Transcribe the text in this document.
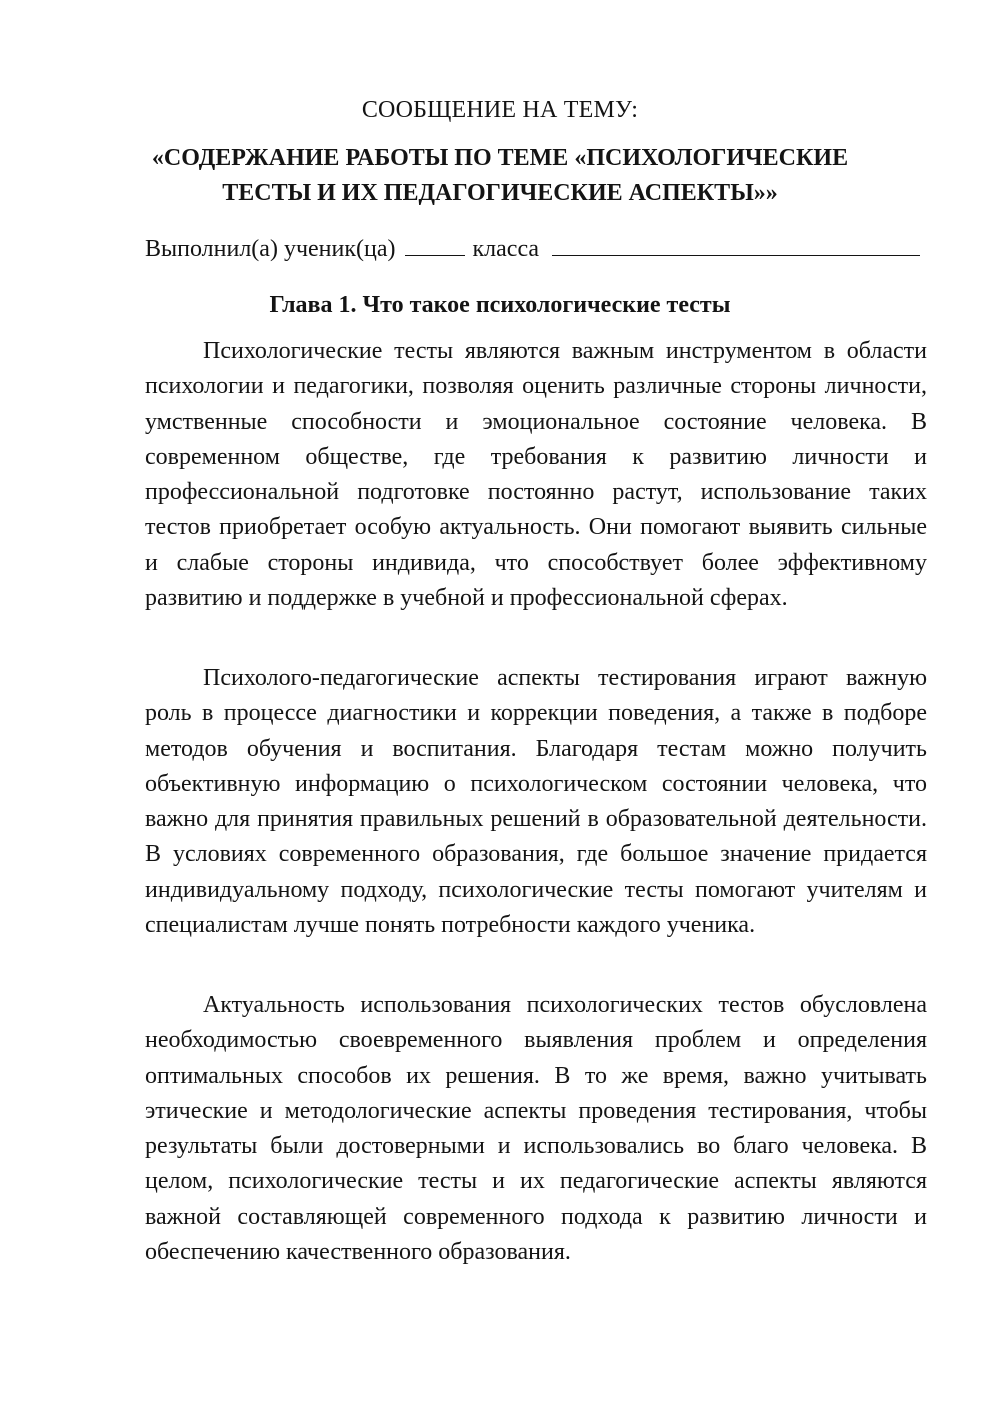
СООБЩЕНИЕ НА ТЕМУ:
«СОДЕРЖАНИЕ РАБОТЫ ПО ТЕМЕ «ПСИХОЛОГИЧЕСКИЕ
ТЕСТЫ И ИХ ПЕДАГОГИЧЕСКИЕ АСПЕКТЫ»»
Выполнил(а) ученик(ца)	класса
Глава 1. Что такое психологические тесты

Психологические тесты являются важным инструментом в области психологии и педагогики, позволяя оценить различные стороны личности, умственные способности и эмоциональное состояние человека. В современном обществе, где требования к развитию личности и профессиональной подготовке постоянно растут, использование таких тестов приобретает особую актуальность. Они помогают выявить сильные и слабые стороны индивида, что способствует более эффективному развитию и поддержке в учебной и профессиональной сферах.

Психолого-педагогические аспекты тестирования играют важную роль в процессе диагностики и коррекции поведения, а также в подборе методов обучения и воспитания. Благодаря тестам можно получить объективную информацию о психологическом состоянии человека, что важно для принятия правильных решений в образовательной деятельности. В условиях современного образования, где большое значение придается индивидуальному подходу, психологические тесты помогают учителям и специалистам лучше понять потребности каждого ученика.

Актуальность использования психологических тестов обусловлена необходимостью своевременного выявления проблем и определения оптимальных способов их решения. В то же время, важно учитывать этические и методологические аспекты проведения тестирования, чтобы результаты были достоверными и использовались во благо человека. В целом, психологические тесты и их педагогические аспекты являются важной составляющей современного подхода к развитию личности и обеспечению качественного образования.
